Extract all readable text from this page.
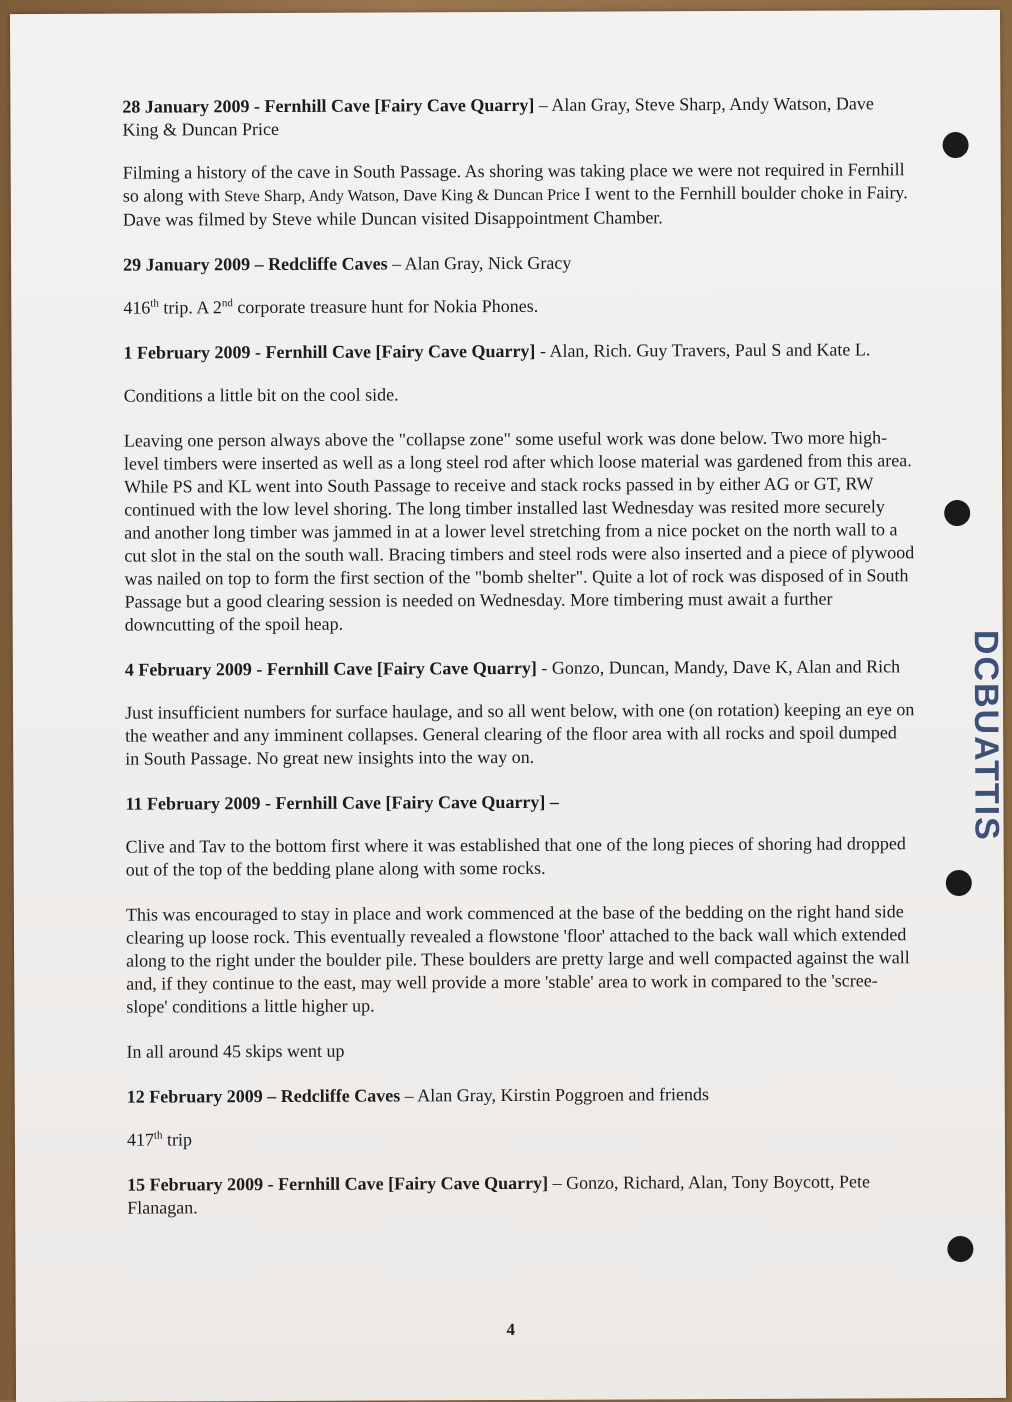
DCBUATTIS
28 January 2009 - Fernhill Cave [Fairy Cave Quarry] – Alan Gray, Steve Sharp, Andy Watson, Dave King & Duncan Price

Filming a history of the cave in South Passage. As shoring was taking place we were not required in Fernhill so along with Steve Sharp, Andy Watson, Dave King & Duncan Price I went to the Fernhill boulder choke in Fairy. Dave was filmed by Steve while Duncan visited Disappointment Chamber.

29 January 2009 – Redcliffe Caves – Alan Gray, Nick Gracy

416th trip. A 2nd corporate treasure hunt for Nokia Phones.

1 February 2009 - Fernhill Cave [Fairy Cave Quarry] - Alan, Rich. Guy Travers, Paul S and Kate L.

Conditions a little bit on the cool side.

Leaving one person always above the "collapse zone" some useful work was done below. Two more high-level timbers were inserted as well as a long steel rod after which loose material was gardened from this area. While PS and KL went into South Passage to receive and stack rocks passed in by either AG or GT, RW continued with the low level shoring. The long timber installed last Wednesday was resited more securely and another long timber was jammed in at a lower level stretching from a nice pocket on the north wall to a cut slot in the stal on the south wall. Bracing timbers and steel rods were also inserted and a piece of plywood was nailed on top to form the first section of the "bomb shelter". Quite a lot of rock was disposed of in South Passage but a good clearing session is needed on Wednesday. More timbering must await a further downcutting of the spoil heap.

4 February 2009 - Fernhill Cave [Fairy Cave Quarry] - Gonzo, Duncan, Mandy, Dave K, Alan and Rich

Just insufficient numbers for surface haulage, and so all went below, with one (on rotation) keeping an eye on the weather and any imminent collapses. General clearing of the floor area with all rocks and spoil dumped in South Passage. No great new insights into the way on.

11 February 2009 - Fernhill Cave [Fairy Cave Quarry] –

Clive and Tav to the bottom first where it was established that one of the long pieces of shoring had dropped out of the top of the bedding plane along with some rocks.

This was encouraged to stay in place and work commenced at the base of the bedding on the right hand side clearing up loose rock. This eventually revealed a flowstone 'floor' attached to the back wall which extended along to the right under the boulder pile. These boulders are pretty large and well compacted against the wall and, if they continue to the east, may well provide a more 'stable' area to work in compared to the 'scree-slope' conditions a little higher up.

In all around 45 skips went up

12 February 2009 – Redcliffe Caves – Alan Gray, Kirstin Poggroen and friends

417th trip

15 February 2009 - Fernhill Cave [Fairy Cave Quarry] – Gonzo, Richard, Alan, Tony Boycott, Pete Flanagan.
4
